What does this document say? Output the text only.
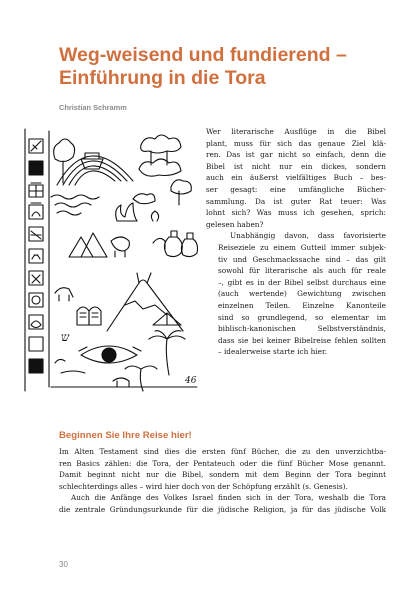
Weg-weisend und fundierend –
Einführung in die Tora
Christian Schramm
ש
46

Wer literarische Ausflüge in die Bibel
plant, muss für sich das genaue Ziel klä-
ren. Das ist gar nicht so einfach, denn die
Bibel ist nicht nur ein dickes, sondern
auch ein äußerst vielfältiges Buch – bes-
ser gesagt: eine umfängliche Bücher-
sammlung. Da ist guter Rat teuer: Was
lohnt sich? Was muss ich gesehen, sprich:
gelesen haben?

Unabhängig davon, dass favorisierte
Reiseziele zu einem Gutteil immer subjek-
tiv und Geschmackssache sind – das gilt
sowohl für literarische als auch für reale
–, gibt es in der Bibel selbst durchaus eine
(auch wertende) Gewichtung zwischen
einzelnen Teilen. Einzelne Kanonteile
sind so grundlegend, so elementar im
biblisch-kanonischen Selbstverständnis,
dass sie bei keiner Bibelreise fehlen sollten
– idealerweise starte ich hier.

Beginnen Sie Ihre Reise hier!

Im Alten Testament sind dies die ersten fünf Bücher, die zu den unverzichtba-
ren Basics zählen: die Tora, der Pentateuch oder die fünf Bücher Mose genannt.
Damit beginnt nicht nur die Bibel, sondern mit dem Beginn der Tora beginnt
schlechterdings alles – wird hier doch von der Schöpfung erzählt (s. Genesis).

Auch die Anfänge des Volkes Israel finden sich in der Tora, weshalb die Tora
die zentrale Gründungsurkunde für die jüdische Religion, ja für das jüdische Volk

30
